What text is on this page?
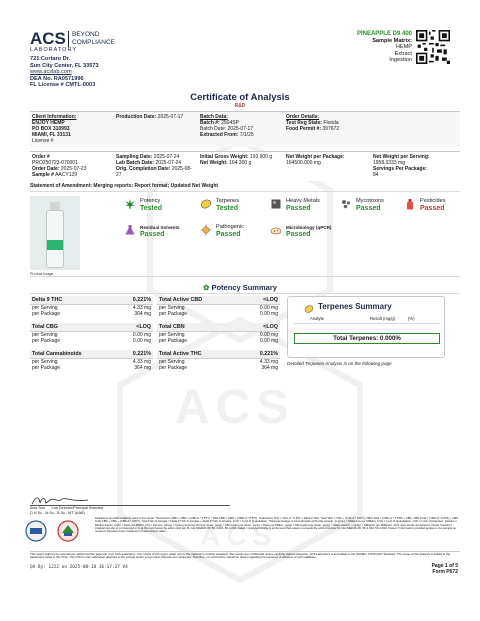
ACS
ACS
ACS
LABORATORY
BEYOND
COMPLIANCE
721 Cortaro Dr.
Sun City Center, FL 33573
www.acslab.com
DEA No. RA0571996
FL License # CMTL-0003
PINEAPPLE D9 400
Sample Matrix:
HEMP
Extract
Ingestion
Certificate of Analysis
R&D
Client Information:
ENJOY HEMP
PO BOX 310993
MIAMI, FL 33131
License #
Production Date: 2025-07-17	Batch Data:
Batch #: 2504SP
Batch Date: 2025-07-17
Extracted From: 7/1/25
Order Details:
Test Reg State: Florida
Food Permit #: 397672
Order #
PRO250723-070001
Order Date: 2025-07-23
Sample # AACY129
Sampling Date: 2025-07-24
Lab Batch Date: 2025-07-24
Orig. Completion Date: 2025-08-27
Initial Gross Weight: 193.900 g
Net Weight: 164.300 g
Net Weight per Package:
164500.000 mg
Net Weight per Serving:
1958.3333 mg
Servings Per Package:
84
Statement of Amendment: Merging reports; Report format; Updated Net Weight
Product Image
Potency
Tested
Terpenes
Tested
Heavy Metals
Passed
Mycotoxins
Passed
Pesticides
Passed
Residual Solvents
Passed
Pathogenic
Passed
Microbiology (qPCR)
Passed
✿ Potency Summary
Delta 9 THC	0.221%
per Serving	4.33 mg
per Package	364 mg
Total Active CBD	<LOQ
per Serving	0.00 mg
per Package	0.00 mg
Total CBG	<LOQ
per Serving	0.00 mg
per Package	0.00 mg
Total CBN	<LOQ
per Serving	0.00 mg
per Package	0.00 mg
Total Cannabinoids	0.221%
per Serving	4.33 mg
per Package	364 mg
Total Active THC	0.221%
per Serving	4.33 mg
per Package	364 mg
Terpenes Summary
Analyte	Result (mg/g)	(%)
Total Terpenes: 0.000%
Detailed Terpenes Analysis is on the following page
Aixa Sun      Lab Director/Principal Scientist
D.H.Sc., M.Sc., B.Sc., MT (AAB)
Definitions and Abbreviations used in this report: Total Active (CBD + CBD = (CBD-A * 0.877), *Total CBD = CBD + (CBD-A * 0.877), Total Active THC = THC-A * 0.877 + Delta 9 THC, Total THC = THC + (THC-A * 0.877), CBG Total = (CBG-A * 0.878) + CBG, CBN Total = (CBN-A * 0.876) + CBN, Total CBD + CBD + (CBD-A * 0.877), Total THC-O-Acetate = Delta 9 THC-O-Acetate + Delta 8 THC-O-Acetate. LOQ = Limit of Quantitation. *Total percentage of cannabinoids within the sample. (mg/mL) = Milligrams per Milliliter, LOQ = Limit of Quantitation, LOD = Limit of Detection, (Holden = Dilution Factor, (ppb) = Parts per Billion, (%) = Percent, (cfu/g) = Colony Forming Unit per Gram, (µg/g) = Microgram per Gram, (ppm) = Parts per Million, (µg/g) = Microgram per Gram, (µg/g) = Water Activity, (mg/kg) = Milligram per Milligram, ACS uses simple acceptance criteria. Passed = Analyte/microbe is not detected or is at the level below the action limit per FL rule 64ER20-39, 5K-4.034, 5K-4.034. Failed = Analyte/microbe is at the level that equal or exceeds the action limit per FL rule 64ER20-39, 5K-4.034, 5K-4.034. Tested = Information provided applies to the sample as received. Reviewed upon statement of amendment dates.
This report shall not be reproduced, without written approval, from ACS Laboratory. The results of this report relate only to the material or product analyzed. Test results are confidential unless explicitly waived otherwise. ACS Laboratory is accredited to the ISO/IEC 17025:2017 Standard. The scope of this analysis is limited to the parameters listed in this COA. This COA is only valid when attached to the sample and/or sub-product that was not conducted. Therefore, no conclusions should be drawn regarding the presence or absence of such additives.
QA By: 1222 on 2025-08-18 16:17:27 V4	Page 1 of 5
Form P672
